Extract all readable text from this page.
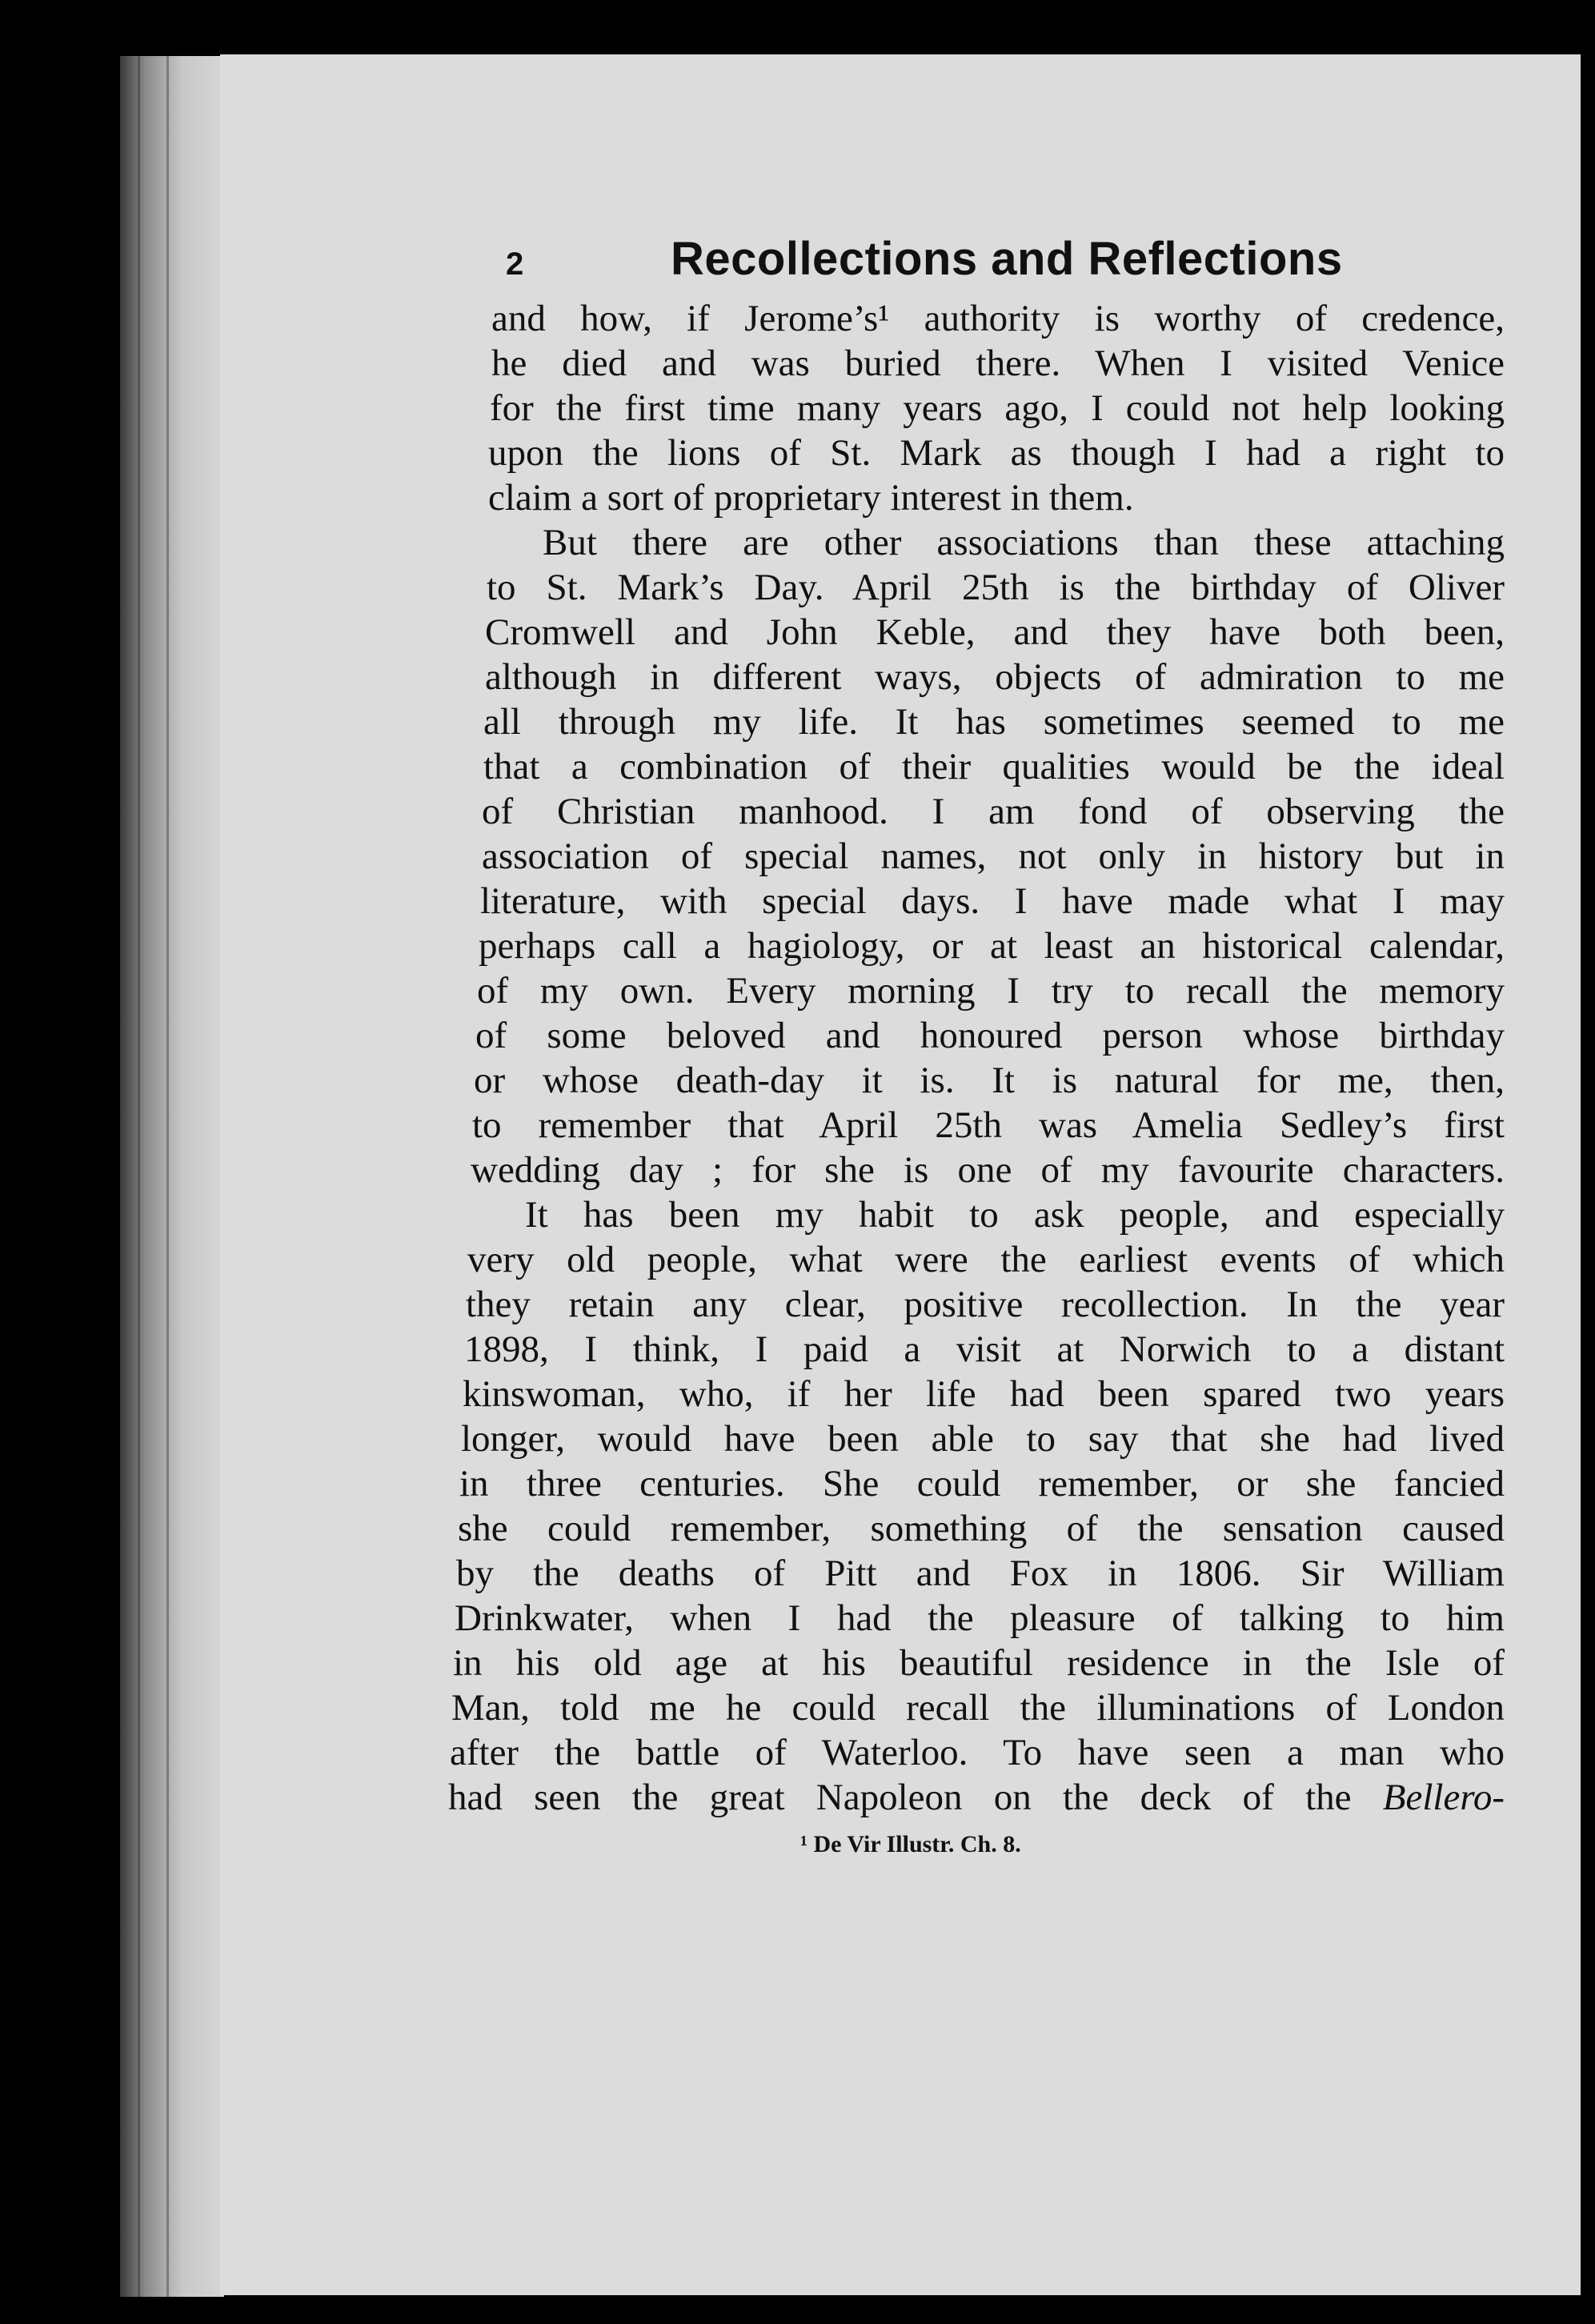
2	Recollections and Reflections
and how, if Jerome’s¹ authority is worthy of credence,
he died and was buried there. When I visited Venice
for the first time many years ago, I could not help looking
upon the lions of St. Mark as though I had a right to
claim a sort of proprietary interest in them.
But there are other associations than these attaching
to St. Mark’s Day. April 25th is the birthday of Oliver
Cromwell and John Keble, and they have both been,
although in different ways, objects of admiration to me
all through my life. It has sometimes seemed to me
that a combination of their qualities would be the ideal
of Christian manhood. I am fond of observing the
association of special names, not only in history but in
literature, with special days. I have made what I may
perhaps call a hagiology, or at least an historical calendar,
of my own. Every morning I try to recall the memory
of some beloved and honoured person whose birthday
or whose death-day it is. It is natural for me, then,
to remember that April 25th was Amelia Sedley’s first
wedding day ; for she is one of my favourite characters.
It has been my habit to ask people, and especially
very old people, what were the earliest events of which
they retain any clear, positive recollection. In the year
1898, I think, I paid a visit at Norwich to a distant
kinswoman, who, if her life had been spared two years
longer, would have been able to say that she had lived
in three centuries. She could remember, or she fancied
she could remember, something of the sensation caused
by the deaths of Pitt and Fox in 1806. Sir William
Drinkwater, when I had the pleasure of talking to him
in his old age at his beautiful residence in the Isle of
Man, told me he could recall the illuminations of London
after the battle of Waterloo. To have seen a man who
had seen the great Napoleon on the deck of the Bellero-
¹ De Vir Illustr. Ch. 8.
